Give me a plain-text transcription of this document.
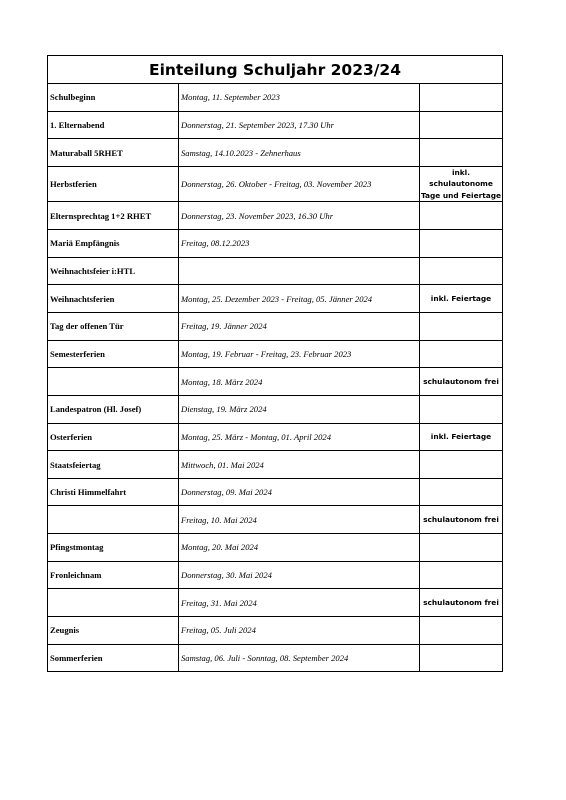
Einteilung Schuljahr 2023/24
Schulbeginn	Montag, 11. September 2023	
1. Elternabend	Donnerstag, 21. September 2023, 17.30 Uhr	
Maturaball 5RHET	Samstag, 14.10.2023 - Zehnerhaus	
Herbstferien	Donnerstag, 26. Oktober - Freitag, 03. November 2023	inkl. schulautonome Tage und Feiertage
Elternsprechtag 1+2 RHET	Donnerstag, 23. November 2023, 16.30 Uhr	
Mariä Empfängnis	Freitag, 08.12.2023	
Weihnachtsfeier i:HTL		
Weihnachtsferien	Montag, 25. Dezember 2023 - Freitag, 05. Jänner 2024	inkl. Feiertage
Tag der offenen Tür	Freitag, 19. Jänner 2024	
Semesterferien	Montag, 19. Februar - Freitag, 23. Februar 2023	
	Montag, 18. März 2024	schulautonom frei
Landespatron (Hl. Josef)	Dienstag, 19. März 2024	
Osterferien	Montag, 25. März - Montag, 01. April 2024	inkl. Feiertage
Staatsfeiertag	Mittwoch, 01. Mai 2024	
Christi Himmelfahrt	Donnerstag, 09. Mai 2024	
	Freitag, 10. Mai 2024	schulautonom frei
Pfingstmontag	Montag, 20. Mai 2024	
Fronleichnam	Donnerstag, 30. Mai 2024	
	Freitag, 31. Mai 2024	schulautonom frei
Zeugnis	Freitag, 05. Juli 2024	
Sommerferien	Samstag, 06. Juli - Sonntag, 08. September 2024	
